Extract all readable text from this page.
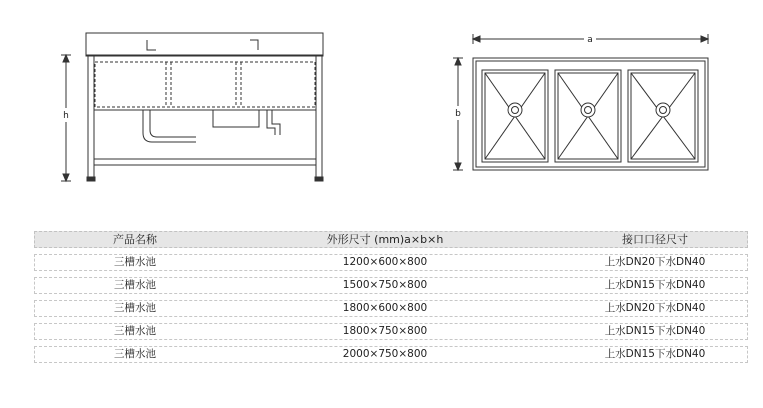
h
a
b
产品名称	外形尺寸 (mm)a×b×h	接口口径尺寸
三槽水池	1200×600×800	上水DN20下水DN40
三槽水池	1500×750×800	上水DN15下水DN40
三槽水池	1800×600×800	上水DN20下水DN40
三槽水池	1800×750×800	上水DN15下水DN40
三槽水池	2000×750×800	上水DN15下水DN40
